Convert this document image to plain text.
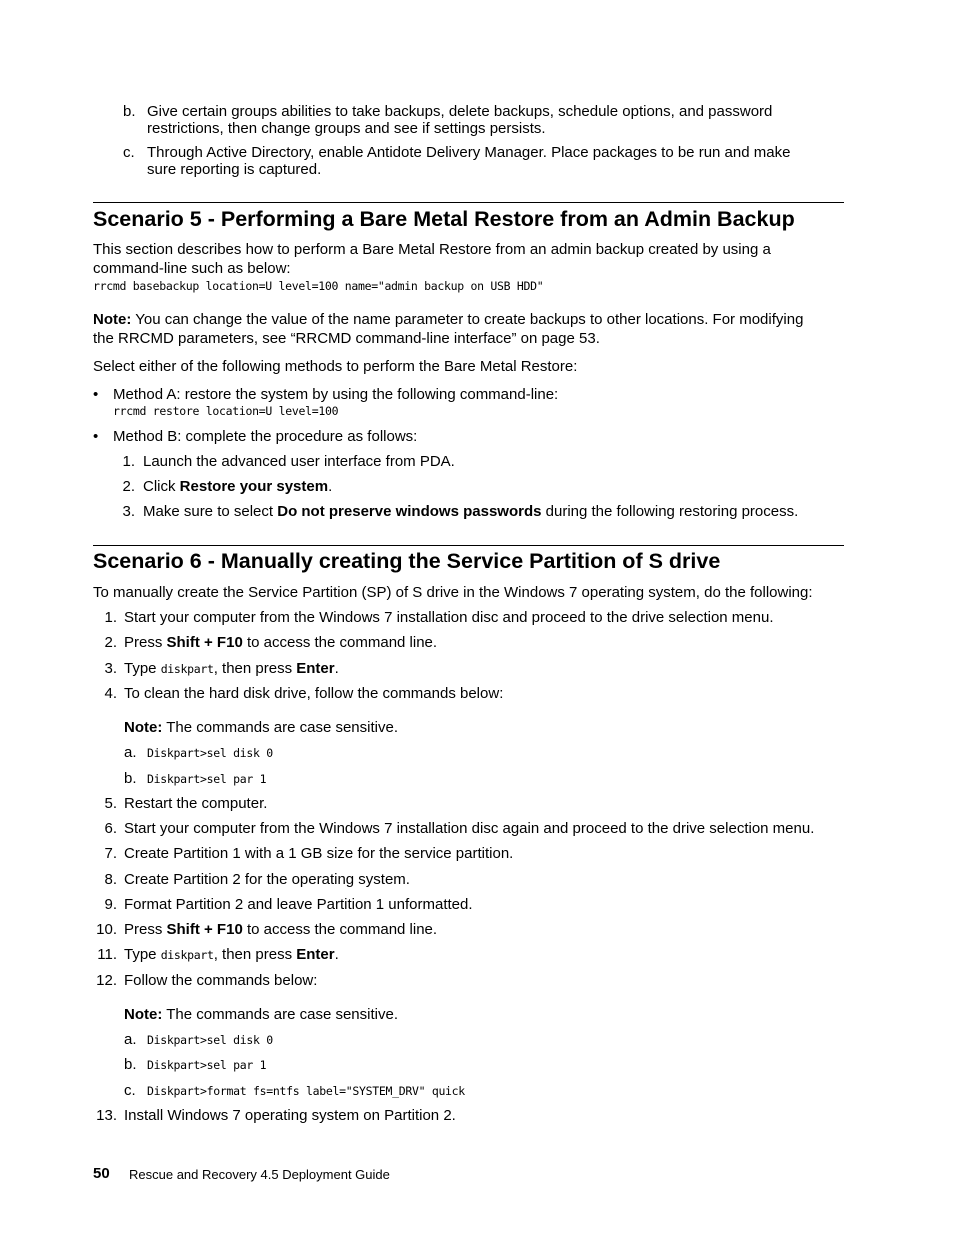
b. Give certain groups abilities to take backups, delete backups, schedule options, and password
restrictions, then change groups and see if settings persists.
c. Through Active Directory, enable Antidote Delivery Manager. Place packages to be run and make
sure reporting is captured.
Scenario 5 - Performing a Bare Metal Restore from an Admin Backup
This section describes how to perform a Bare Metal Restore from an admin backup created by using a
command-line such as below:
rrcmd basebackup location=U level=100 name="admin backup on USB HDD"
Note: You can change the value of the name parameter to create backups to other locations. For modifying
the RRCMD parameters, see “RRCMD command-line interface” on page 53.
Select either of the following methods to perform the Bare Metal Restore:
• Method A: restore the system by using the following command-line:
rrcmd restore location=U level=100
• Method B: complete the procedure as follows:
1. Launch the advanced user interface from PDA.
2. Click Restore your system.
3. Make sure to select Do not preserve windows passwords during the following restoring process.
Scenario 6 - Manually creating the Service Partition of S drive
To manually create the Service Partition (SP) of S drive in the Windows 7 operating system, do the following:
1. Start your computer from the Windows 7 installation disc and proceed to the drive selection menu.
2. Press Shift + F10 to access the command line.
3. Type diskpart, then press Enter.
4. To clean the hard disk drive, follow the commands below:
Note: The commands are case sensitive.
a. Diskpart>sel disk 0
b. Diskpart>sel par 1
5. Restart the computer.
6. Start your computer from the Windows 7 installation disc again and proceed to the drive selection menu.
7. Create Partition 1 with a 1 GB size for the service partition.
8. Create Partition 2 for the operating system.
9. Format Partition 2 and leave Partition 1 unformatted.
10. Press Shift + F10 to access the command line.
11. Type diskpart, then press Enter.
12. Follow the commands below:
Note: The commands are case sensitive.
a. Diskpart>sel disk 0
b. Diskpart>sel par 1
c. Diskpart>format fs=ntfs label="SYSTEM_DRV" quick
13. Install Windows 7 operating system on Partition 2.
50 Rescue and Recovery 4.5 Deployment Guide
